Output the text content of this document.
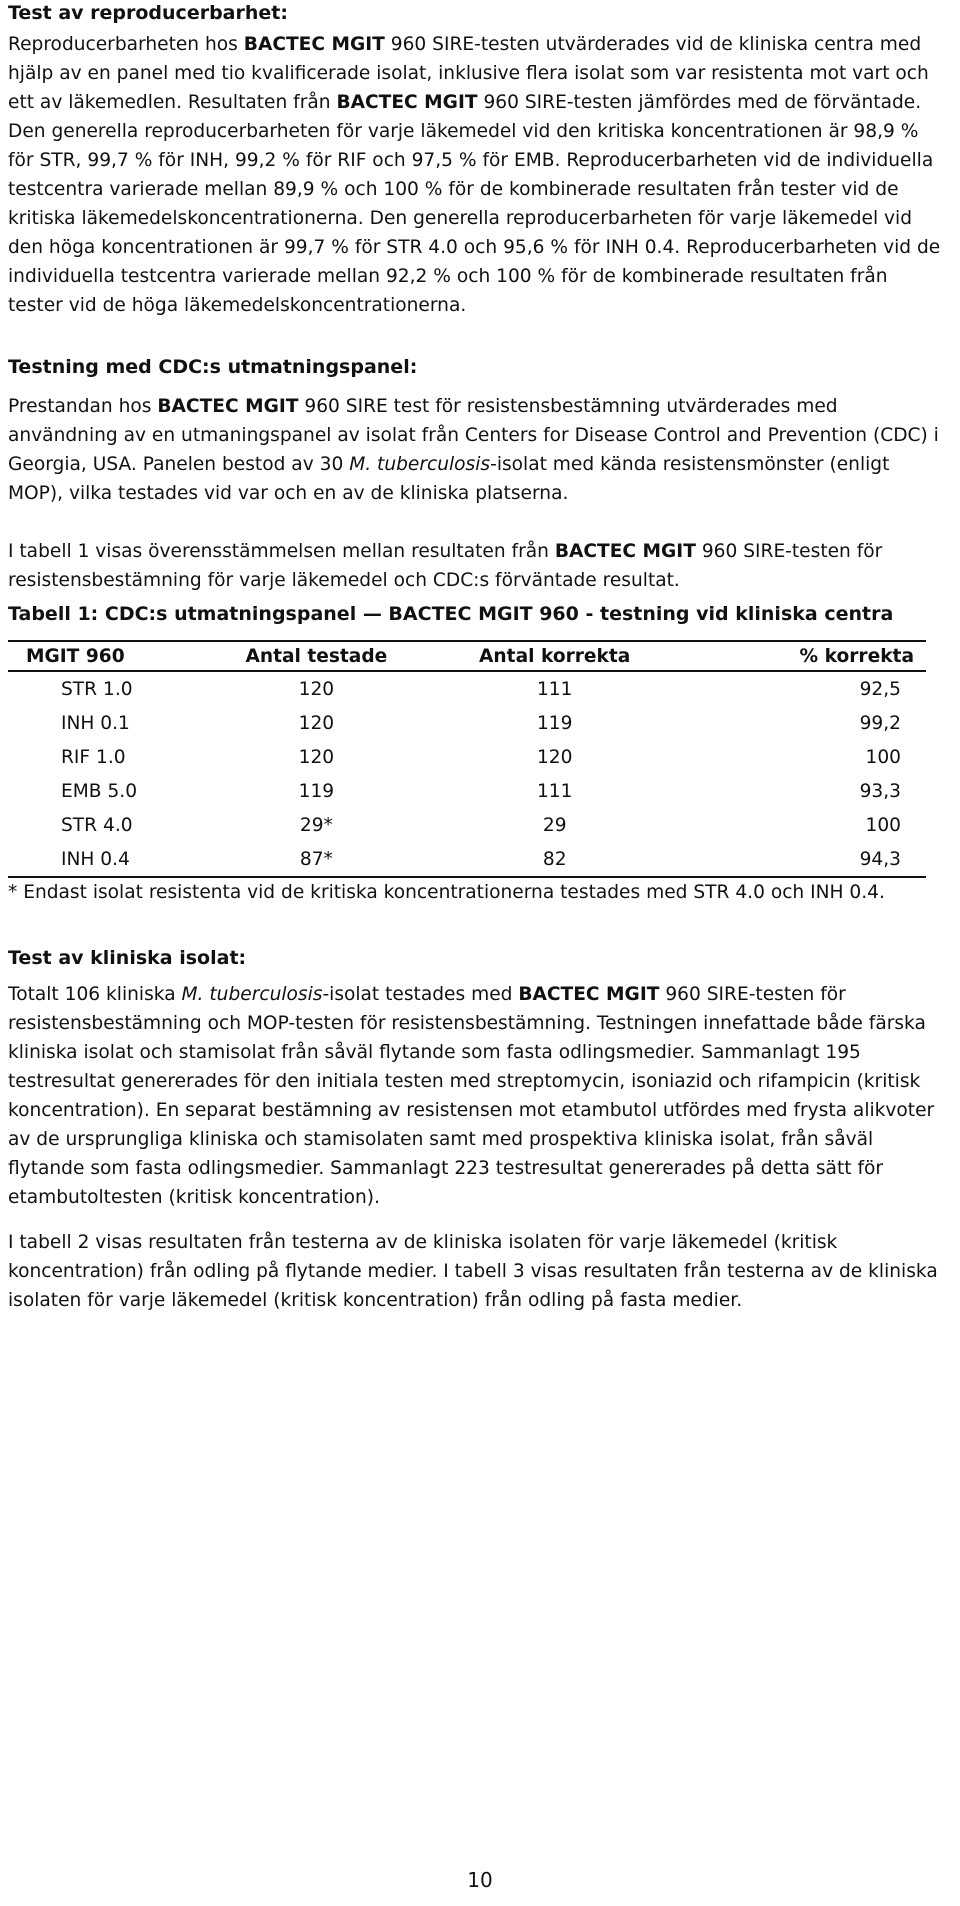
Test av reproducerbarhet:

Reproducerbarheten hos BACTEC MGIT 960 SIRE-testen utvärderades vid de kliniska centra med hjälp av en panel med tio kvalificerade isolat, inklusive flera isolat som var resistenta mot vart och ett av läkemedlen. Resultaten från BACTEC MGIT 960 SIRE-testen jämfördes med de förväntade. Den generella reproducerbarheten för varje läkemedel vid den kritiska koncentrationen är 98,9 % för STR, 99,7 % för INH, 99,2 % för RIF och 97,5 % för EMB. Reproducerbarheten vid de individuella testcentra varierade mellan 89,9 % och 100 % för de kombinerade resultaten från tester vid de kritiska läkemedelskoncentrationerna. Den generella reproducerbarheten för varje läkemedel vid den höga koncentrationen är 99,7 % för STR 4.0 och 95,6 % för INH 0.4. Reproducerbarheten vid de individuella testcentra varierade mellan 92,2 % och 100 % för de kombinerade resultaten från tester vid de höga läkemedelskoncentrationerna.

Testning med CDC:s utmatningspanel:

Prestandan hos BACTEC MGIT 960 SIRE test för resistensbestämning utvärderades med användning av en utmaningspanel av isolat från Centers for Disease Control and Prevention (CDC) i Georgia, USA. Panelen bestod av 30 M. tuberculosis-isolat med kända resistensmönster (enligt MOP), vilka testades vid var och en av de kliniska platserna.

I tabell 1 visas överensstämmelsen mellan resultaten från BACTEC MGIT 960 SIRE-testen för resistensbestämning för varje läkemedel och CDC:s förväntade resultat.

Tabell 1: CDC:s utmatningspanel — BACTEC MGIT 960 - testning vid kliniska centra
MGIT 960	Antal testade	Antal korrekta	% korrekta
STR 1.0	120	111	92,5
INH 0.1	120	119	99,2
RIF 1.0	120	120	100
EMB 5.0	119	111	93,3
STR 4.0	29*	29	100
INH 0.4	87*	82	94,3

* Endast isolat resistenta vid de kritiska koncentrationerna testades med STR 4.0 och INH 0.4.

Test av kliniska isolat:

Totalt 106 kliniska M. tuberculosis-isolat testades med BACTEC MGIT 960 SIRE-testen för resistensbestämning och MOP-testen för resistensbestämning. Testningen innefattade både färska kliniska isolat och stamisolat från såväl flytande som fasta odlingsmedier. Sammanlagt 195 testresultat genererades för den initiala testen med streptomycin, isoniazid och rifampicin (kritisk koncentration). En separat bestämning av resistensen mot etambutol utfördes med frysta alikvoter av de ursprungliga kliniska och stamisolaten samt med prospektiva kliniska isolat, från såväl flytande som fasta odlingsmedier. Sammanlagt 223 testresultat genererades på detta sätt för etambutoltesten (kritisk koncentration).

I tabell 2 visas resultaten från testerna av de kliniska isolaten för varje läkemedel (kritisk koncentration) från odling på flytande medier. I tabell 3 visas resultaten från testerna av de kliniska isolaten för varje läkemedel (kritisk koncentration) från odling på fasta medier.

10
